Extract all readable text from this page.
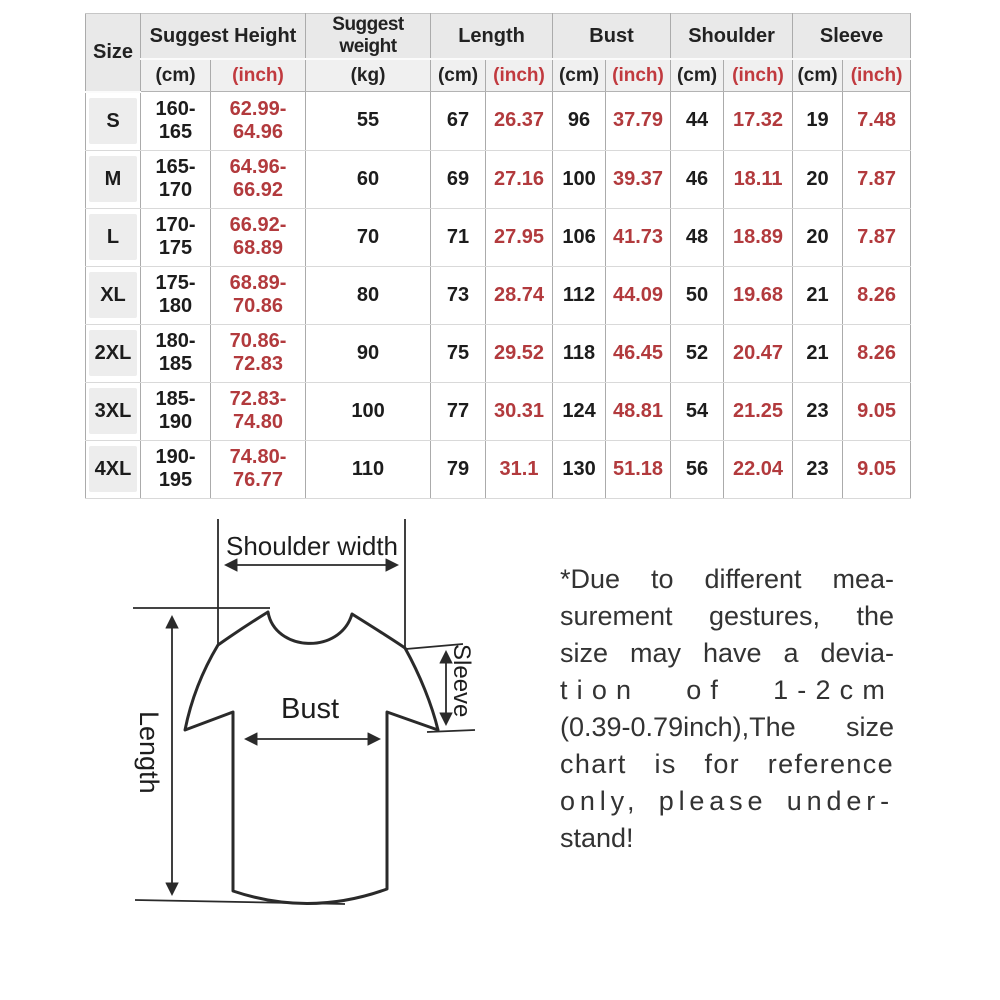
Size	Suggest Height		Suggest weight	Length		Bust		Shoulder		Sleeve	
	(cm)	(inch)	(kg)	(cm)	(inch)	(cm)	(inch)	(cm)	(inch)	(cm)	(inch)

S	160-165	62.99-64.96	55	67	26.37	96	37.79	44	17.32	19	7.48

M	165-170	64.96-66.92	60	69	27.16	100	39.37	46	18.11	20	7.87

L	170-175	66.92-68.89	70	71	27.95	106	41.73	48	18.89	20	7.87

XL	175-180	68.89-70.86	80	73	28.74	112	44.09	50	19.68	21	8.26

2XL	180-185	70.86-72.83	90	75	29.52	118	46.45	52	20.47	21	8.26

3XL	185-190	72.83-74.80	100	77	30.31	124	48.81	54	21.25	23	9.05

4XL	190-195	74.80-76.77	110	79	31.1	130	51.18	56	22.04	23	9.05
Shoulder width
Bust
Length
Sleeve
*Due to different mea-
surement gestures, the
size may have a devia-
tion of 1-2cm
(0.39-0.79inch),The size
chart is for reference
only, please under-
stand!
